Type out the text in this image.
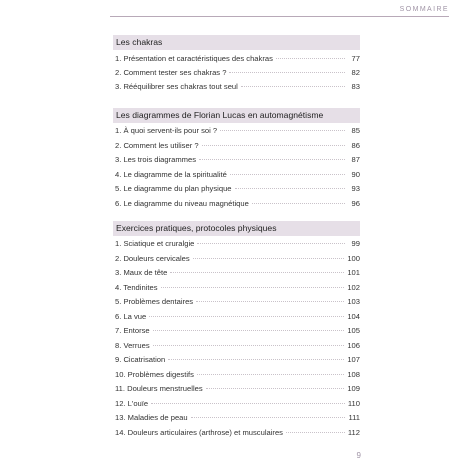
SOMMAIRE
Les chakras
1. Présentation et caractéristiques des chakras	77
2. Comment tester ses chakras ?	82
3. Rééquilibrer ses chakras tout seul	83
Les diagrammes de Florian Lucas en automagnétisme
1. À quoi servent-ils pour soi ?	85
2. Comment les utiliser ?	86
3. Les trois diagrammes	87
4. Le diagramme de la spiritualité	90
5. Le diagramme du plan physique	93
6. Le diagramme du niveau magnétique	96
Exercices pratiques, protocoles physiques
1. Sciatique et cruralgie	99
2. Douleurs cervicales	100
3. Maux de tête	101
4. Tendinites	102
5. Problèmes dentaires	103
6. La vue	104
7. Entorse	105
8. Verrues	106
9. Cicatrisation	107
10. Problèmes digestifs	108
11. Douleurs menstruelles	109
12. L'ouïe	110
13. Maladies de peau	111
14. Douleurs articulaires (arthrose) et musculaires	112
9
